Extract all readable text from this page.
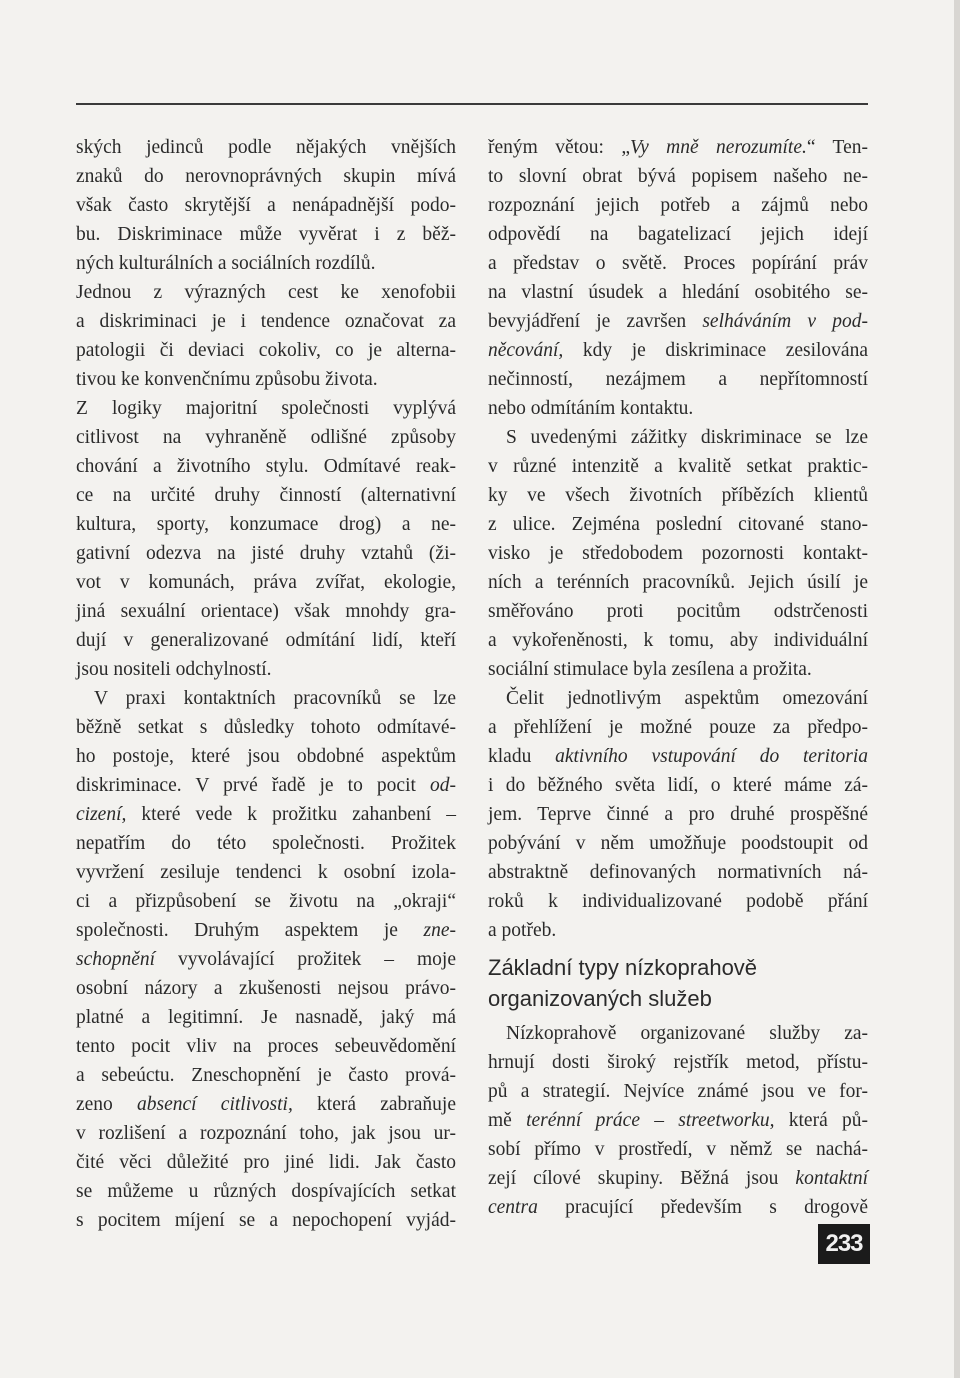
ských jedinců podle nějakých vnějších
znaků do nerovnoprávných skupin mívá
však často skrytější a nenápadnější podo-
bu. Diskriminace může vyvěrat i z běž-
ných kulturálních a sociálních rozdílů.
Jednou z výrazných cest ke xenofobii
a diskriminaci je i tendence označovat za
patologii či deviaci cokoliv, co je alterna-
tivou ke konvenčnímu způsobu života.
Z logiky majoritní společnosti vyplývá
citlivost na vyhraněně odlišné způsoby
chování a životního stylu. Odmítavé reak-
ce na určité druhy činností (alternativní
kultura, sporty, konzumace drog) a ne-
gativní odezva na jisté druhy vztahů (ži-
vot v komunách, práva zvířat, ekologie,
jiná sexuální orientace) však mnohdy gra-
dují v generalizované odmítání lidí, kteří
jsou nositeli odchylností.
V praxi kontaktních pracovníků se lze
běžně setkat s důsledky tohoto odmítavé-
ho postoje, které jsou obdobné aspektům
diskriminace. V prvé řadě je to pocit od-
cizení, které vede k prožitku zahanbení –
nepatřím do této společnosti. Prožitek
vyvržení zesiluje tendenci k osobní izola-
ci a přizpůsobení se životu na „okraji“
společnosti. Druhým aspektem je zne-
schopnění vyvolávající prožitek – moje
osobní názory a zkušenosti nejsou právo-
platné a legitimní. Je nasnadě, jaký má
tento pocit vliv na proces sebeuvědomění
a sebeúctu. Zneschopnění je často prová-
zeno absencí citlivosti, která zabraňuje
v rozlišení a rozpoznání toho, jak jsou ur-
čité věci důležité pro jiné lidi. Jak často
se můžeme u různých dospívajících setkat
s pocitem míjení se a nepochopení vyjád-
řeným větou: „Vy mně nerozumíte.“ Ten-
to slovní obrat bývá popisem našeho ne-
rozpoznání jejich potřeb a zájmů nebo
odpovědí na bagatelizací jejich idejí
a představ o světě. Proces popírání práv
na vlastní úsudek a hledání osobitého se-
bevyjádření je završen selháváním v pod-
něcování, kdy je diskriminace zesilována
nečinností, nezájmem a nepřítomností
nebo odmítáním kontaktu.
S uvedenými zážitky diskriminace se lze
v různé intenzitě a kvalitě setkat praktic-
ky ve všech životních příbězích klientů
z ulice. Zejména poslední citované stano-
visko je středobodem pozornosti kontakt-
ních a terénních pracovníků. Jejich úsilí je
směřováno proti pocitům odstrčenosti
a vykořeněnosti, k tomu, aby individuální
sociální stimulace byla zesílena a prožita.
Čelit jednotlivým aspektům omezování
a přehlížení je možné pouze za předpo-
kladu aktivního vstupování do teritoria
i do běžného světa lidí, o které máme zá-
jem. Teprve činné a pro druhé prospěšné
pobývání v něm umožňuje poodstoupit od
abstraktně definovaných normativních ná-
roků k individualizované podobě přání
a potřeb.
Základní typy nízkoprahově
organizovaných služeb
Nízkoprahově organizované služby za-
hrnují dosti široký rejstřík metod, přístu-
pů a strategií. Nejvíce známé jsou ve for-
mě terénní práce – streetworku, která pů-
sobí přímo v prostředí, v němž se nachá-
zejí cílové skupiny. Běžná jsou kontaktní
centra pracující především s drogově
233
